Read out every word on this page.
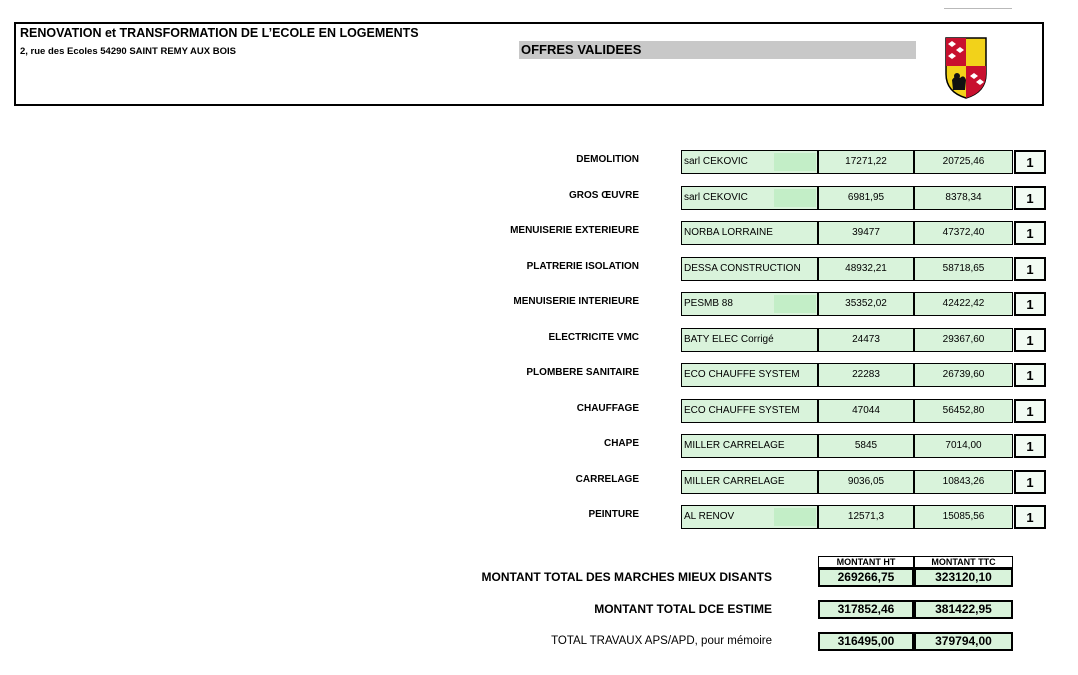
RENOVATION et TRANSFORMATION DE L’ECOLE EN LOGEMENTS
2, rue des Ecoles 54290 SAINT REMY AUX BOIS	OFFRES VALIDEES
DEMOLITION	sarl CEKOVIC	17271,22	20725,46	1
GROS ŒUVRE	sarl CEKOVIC	6981,95	8378,34	1
MENUISERIE EXTERIEURE	NORBA LORRAINE	39477	47372,40	1
PLATRERIE ISOLATION	DESSA CONSTRUCTION	48932,21	58718,65	1
MENUISERIE INTERIEURE	PESMB 88	35352,02	42422,42	1
ELECTRICITE VMC	BATY ELEC Corrigé	24473	29367,60	1
PLOMBERE SANITAIRE	ECO CHAUFFE SYSTEM	22283	26739,60	1
CHAUFFAGE	ECO CHAUFFE SYSTEM	47044	56452,80	1
CHAPE	MILLER CARRELAGE	5845	7014,00	1
CARRELAGE	MILLER CARRELAGE	9036,05	10843,26	1
PEINTURE	AL RENOV	12571,3	15085,56	1
MONTANT HT	MONTANT TTC
MONTANT TOTAL DES MARCHES MIEUX DISANTS	269266,75	323120,10
MONTANT TOTAL DCE ESTIME	317852,46	381422,95
TOTAL TRAVAUX APS/APD, pour mémoire	316495,00	379794,00
